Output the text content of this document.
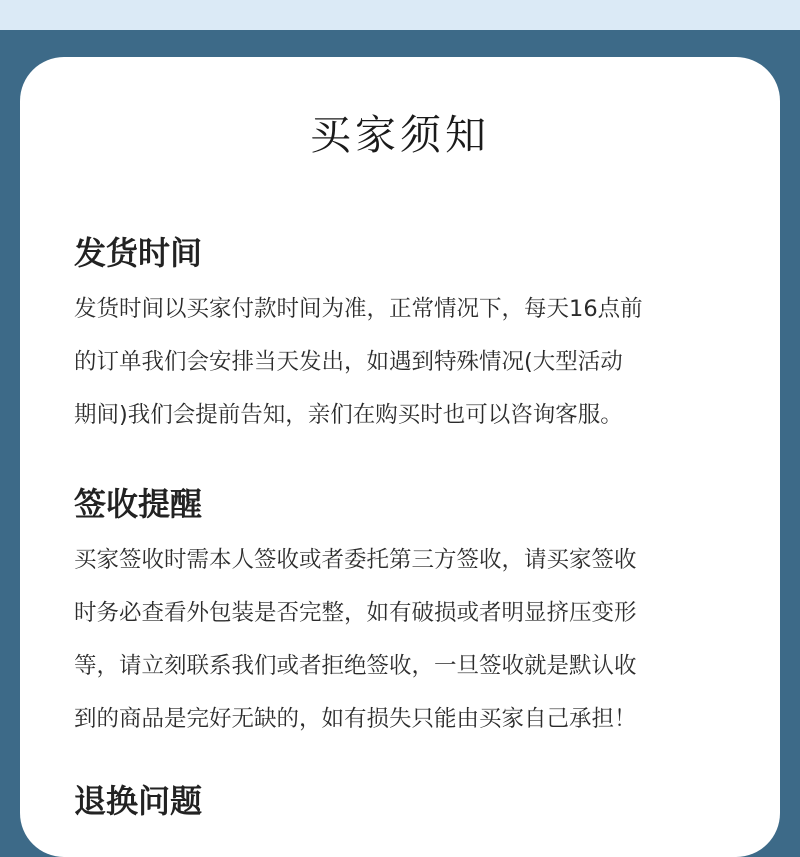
买家须知
发货时间
发货时间以买家付款时间为准，正常情况下，每天16点前
的订单我们会安排当天发出，如遇到特殊情况(大型活动
期间)我们会提前告知，亲们在购买时也可以咨询客服。
签收提醒
买家签收时需本人签收或者委托第三方签收，请买家签收
时务必查看外包装是否完整，如有破损或者明显挤压变形
等，请立刻联系我们或者拒绝签收，一旦签收就是默认收
到的商品是完好无缺的，如有损失只能由买家自己承担！
退换问题
